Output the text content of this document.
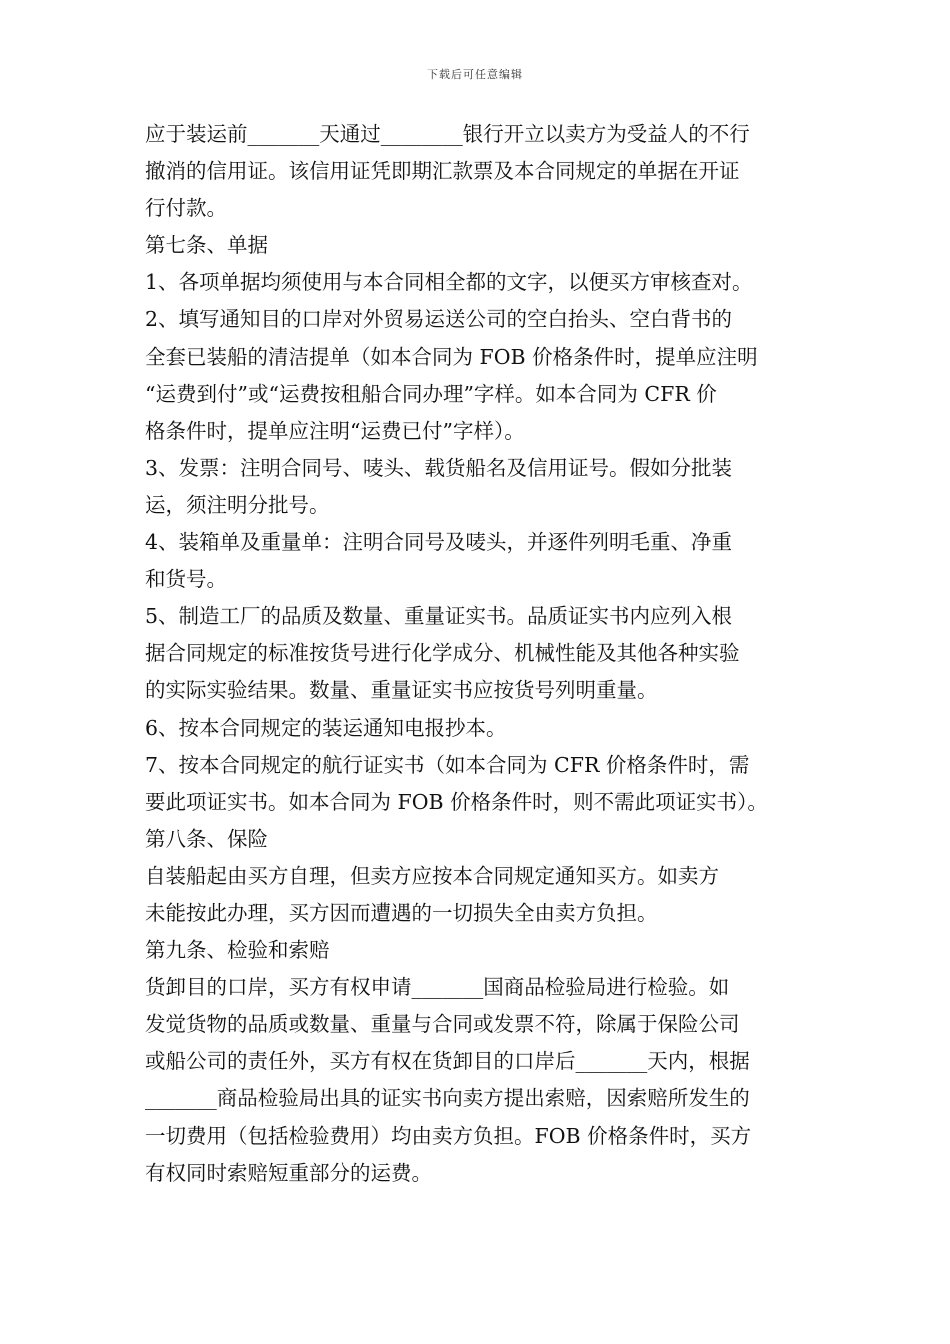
下载后可任意编辑
应于装运前_______天通过________银行开立以卖方为受益人的不行
撤消的信用证。该信用证凭即期汇款票及本合同规定的单据在开证
行付款。
第七条、单据
1、各项单据均须使用与本合同相全都的文字，以便买方审核查对。
2、填写通知目的口岸对外贸易运送公司的空白抬头、空白背书的
全套已装船的清洁提单（如本合同为 FOB 价格条件时，提单应注明
“运费到付”或“运费按租船合同办理”字样。如本合同为 CFR 价
格条件时，提单应注明“运费已付”字样）。
3、发票：注明合同号、唛头、载货船名及信用证号。假如分批装
运，须注明分批号。
4、装箱单及重量单：注明合同号及唛头，并逐件列明毛重、净重
和货号。
5、制造工厂的品质及数量、重量证实书。品质证实书内应列入根
据合同规定的标准按货号进行化学成分、机械性能及其他各种实验
的实际实验结果。数量、重量证实书应按货号列明重量。
6、按本合同规定的装运通知电报抄本。
7、按本合同规定的航行证实书（如本合同为 CFR 价格条件时，需
要此项证实书。如本合同为 FOB 价格条件时，则不需此项证实书）。
第八条、保险
自装船起由买方自理，但卖方应按本合同规定通知买方。如卖方
未能按此办理，买方因而遭遇的一切损失全由卖方负担。
第九条、检验和索赔
货卸目的口岸，买方有权申请_______国商品检验局进行检验。如
发觉货物的品质或数量、重量与合同或发票不符，除属于保险公司
或船公司的责任外，买方有权在货卸目的口岸后_______天内，根据
_______商品检验局出具的证实书向卖方提出索赔，因索赔所发生的
一切费用（包括检验费用）均由卖方负担。FOB 价格条件时，买方
有权同时索赔短重部分的运费。
